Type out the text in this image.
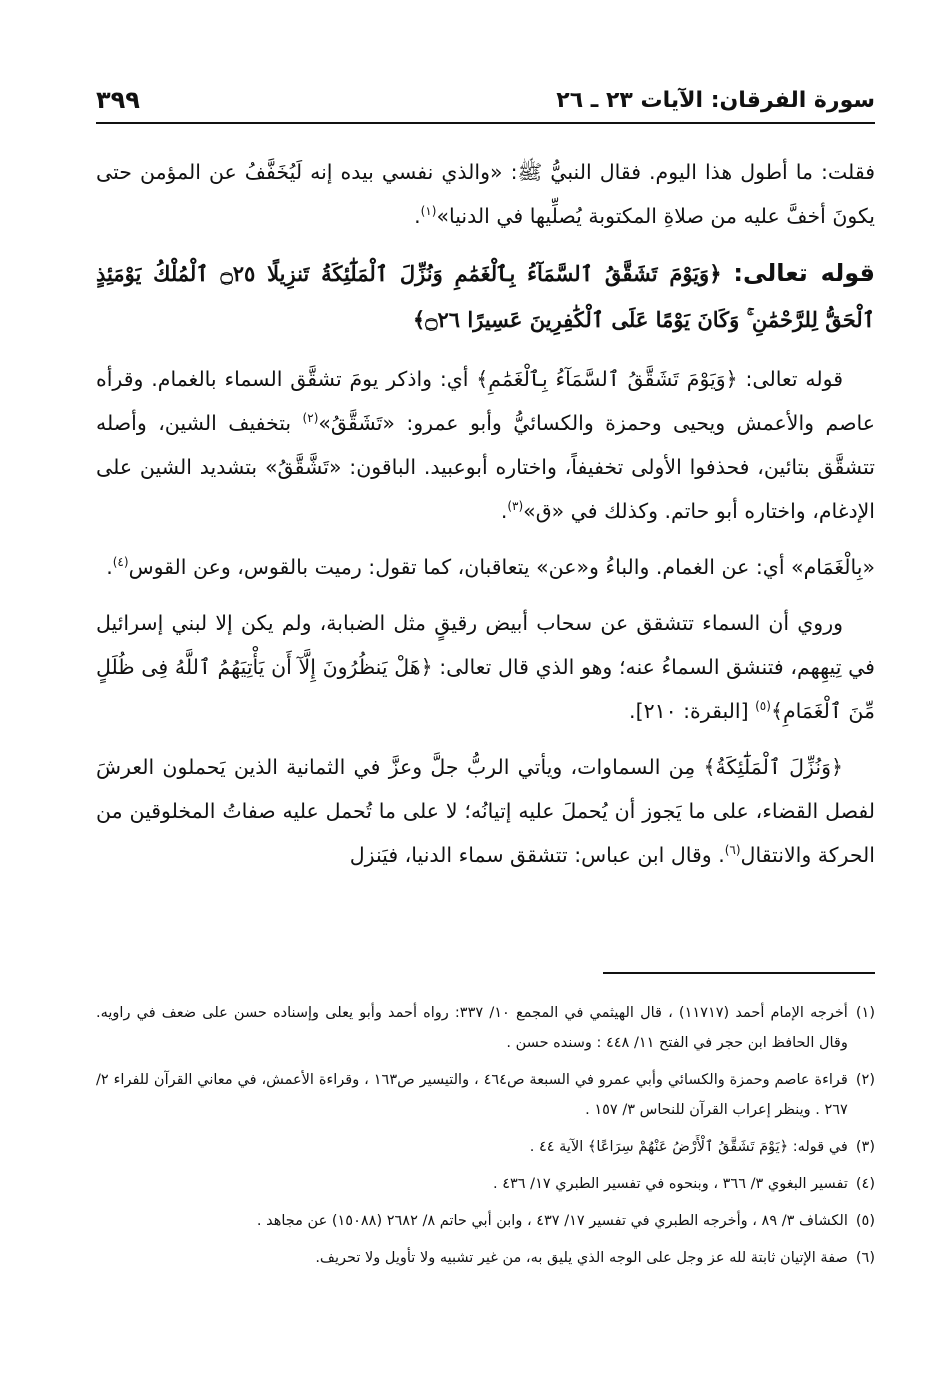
سورة الفرقان: الآيات ٢٣ ـ ٢٦
٣٩٩

فقلت: ما أطول هذا اليوم. فقال النبيُّ ﷺ: «والذي نفسي بيده إنه لَيُخَفَّفُ عن المؤمن حتى يكونَ أخفَّ عليه من صلاةِ المكتوبة يُصلِّيها في الدنيا»$^{(١)}$.

قوله تعالى: ﴿وَيَوْمَ تَشَقَّقُ ٱلسَّمَآءُ بِٱلْغَمَٰمِ وَنُزِّلَ ٱلْمَلَٰٓئِكَةُ تَنزِيلًا ۝٢٥ ٱلْمُلْكُ يَوْمَئِذٍ ٱلْحَقُّ لِلرَّحْمَٰنِ ۚ وَكَانَ يَوْمًا عَلَى ٱلْكَٰفِرِينَ عَسِيرًا ۝٢٦﴾

قوله تعالى: ﴿وَيَوْمَ تَشَقَّقُ ٱلسَّمَآءُ بِٱلْغَمَٰمِ﴾ أي: واذكر يومَ تشقَّق السماء بالغمام. وقرأه عاصم والأعمش ويحيى وحمزة والكسائيُّ وأبو عمرو: «تَشَقَّقُ»$^{(٢)}$ بتخفيف الشين، وأصله تتشقَّق بتائين، فحذفوا الأولى تخفيفاً، واختاره أبوعبيد. الباقون: «تَشَّقَّقُ» بتشديد الشين على الإدغام، واختاره أبو حاتم. وكذلك في «ق»$^{(٣)}$.

«بِالْغَمَام» أي: عن الغمام. والباءُ و«عن» يتعاقبان، كما تقول: رميت بالقوس، وعن القوس$^{(٤)}$.

وروي أن السماء تتشقق عن سحاب أبيض رقيقٍ مثل الضبابة، ولم يكن إلا لبني إسرائيل في تِيهِهم، فتنشق السماءُ عنه؛ وهو الذي قال تعالى: ﴿هَلْ يَنظُرُونَ إِلَّآ أَن يَأْتِيَهُمُ ٱللَّهُ فِى ظُلَلٍ مِّنَ ٱلْغَمَامِ﴾$^{(٥)}$ [البقرة: ٢١٠].

﴿وَنُزِّلَ ٱلْمَلَٰٓئِكَةُ﴾ مِن السماوات، ويأتي الربُّ جلَّ وعزَّ في الثمانية الذين يَحملون العرشَ لفصل القضاء، على ما يَجوز أن يُحملَ عليه إتيانُه؛ لا على ما تُحمل عليه صفاتُ المخلوقين من الحركة والانتقال$^{(٦)}$. وقال ابن عباس: تتشقق سماء الدنيا، فيَنزل

(١)
أخرجه الإمام أحمد (١١٧١٧) ، قال الهيثمي في المجمع ١٠/ ٣٣٧: رواه أحمد وأبو يعلى وإسناده حسن على ضعف في راويه. وقال الحافظ ابن حجر في الفتح ١١/ ٤٤٨ : وسنده حسن .
(٢)
قراءة عاصم وحمزة والكسائي وأبي عمرو في السبعة ص٤٦٤ ، والتيسير ص١٦٣ ، وقراءة الأعمش، في معاني القرآن للفراء ٢/ ٢٦٧ . وينظر إعراب القرآن للنحاس ٣/ ١٥٧ .
(٣)
في قوله: ﴿يَوْمَ تَشَقَّقُ ٱلْأَرْضُ عَنْهُمْ سِرَاعًا﴾ الآية ٤٤ .
(٤)
تفسير البغوي ٣/ ٣٦٦ ، وبنحوه في تفسير الطبري ١٧/ ٤٣٦ .
(٥)
الكشاف ٣/ ٨٩ ، وأخرجه الطبري في تفسير ١٧/ ٤٣٧ ، وابن أبي حاتم ٨/ ٢٦٨٢ (١٥٠٨٨) عن مجاهد .
(٦)
صفة الإتيان ثابتة لله عز وجل على الوجه الذي يليق به، من غير تشبيه ولا تأويل ولا تحريف.
